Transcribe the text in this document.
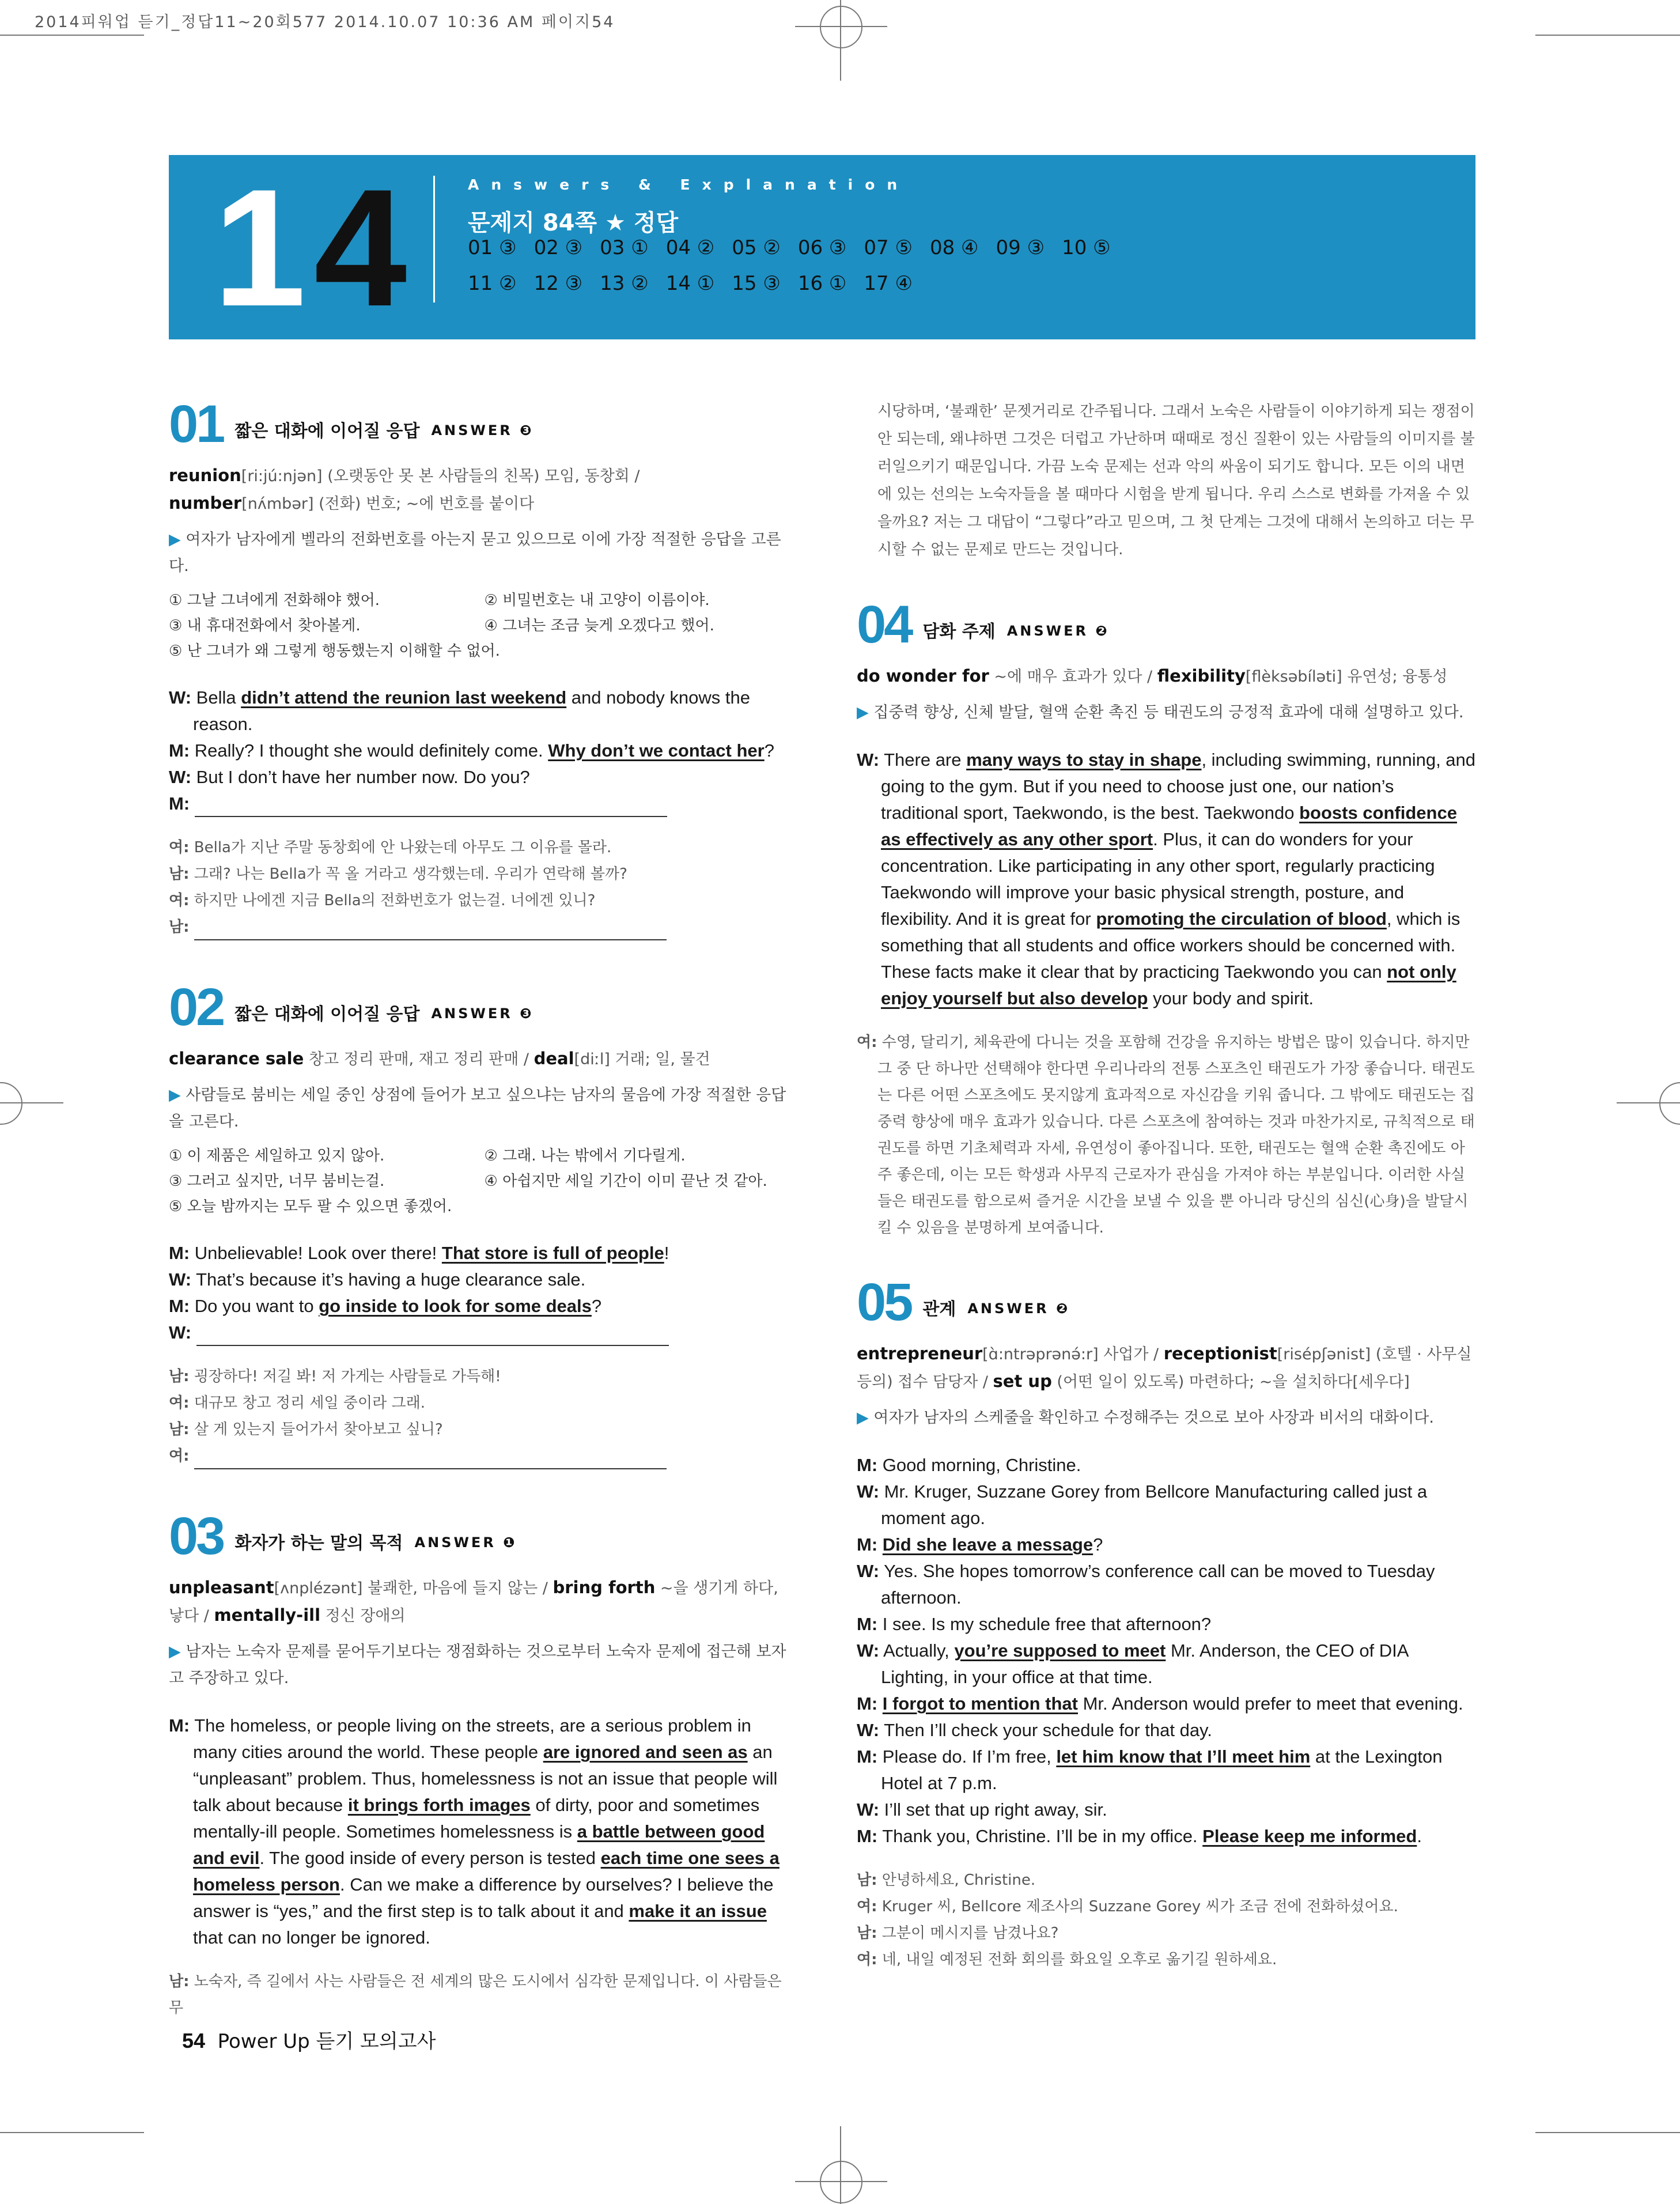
2014피워업 듣기_정답11~20회577 2014.10.07 10:36 AM 페이지54
1 4	Answers & Explanation
문제지 84쪽 ★ 정답
01 ③ 02 ③ 03 ① 04 ② 05 ② 06 ③ 07 ⑤ 08 ④ 09 ③ 10 ⑤
11 ② 12 ③ 13 ② 14 ① 15 ③ 16 ① 17 ④
01 짧은 대화에 이어질 응답 ANSWER ❸
reunion[ri:jú:njən] (오랫동안 못 본 사람들의 친목) 모임, 동창회 / number[nʌ́mbər] (전화) 번호; ~에 번호를 붙이다
▶ 여자가 남자에게 벨라의 전화번호를 아는지 묻고 있으므로 이에 가장 적절한 응답을 고른다.
① 그날 그녀에게 전화해야 했어.	② 비밀번호는 내 고양이 이름이야.
③ 내 휴대전화에서 찾아볼게.	④ 그녀는 조금 늦게 오겠다고 했어.
⑤ 난 그녀가 왜 그렇게 행동했는지 이해할 수 없어.
W: Bella didn’t attend the reunion last weekend and nobody knows the reason.
M: Really? I thought she would definitely come. Why don’t we contact her?
W: But I don’t have her number now. Do you?
M:
여: Bella가 지난 주말 동창회에 안 나왔는데 아무도 그 이유를 몰라.
남: 그래? 나는 Bella가 꼭 올 거라고 생각했는데. 우리가 연락해 볼까?
여: 하지만 나에겐 지금 Bella의 전화번호가 없는걸. 너에겐 있니?
남:
02 짧은 대화에 이어질 응답 ANSWER ❸
clearance sale 창고 정리 판매, 재고 정리 판매 / deal[diːl] 거래; 일, 물건
▶ 사람들로 붐비는 세일 중인 상점에 들어가 보고 싶으냐는 남자의 물음에 가장 적절한 응답을 고른다.
① 이 제품은 세일하고 있지 않아.	② 그래. 나는 밖에서 기다릴게.
③ 그러고 싶지만, 너무 붐비는걸.	④ 아쉽지만 세일 기간이 이미 끝난 것 같아.
⑤ 오늘 밤까지는 모두 팔 수 있으면 좋겠어.
M: Unbelievable! Look over there! That store is full of people!
W: That’s because it’s having a huge clearance sale.
M: Do you want to go inside to look for some deals?
W:
남: 굉장하다! 저길 봐! 저 가게는 사람들로 가득해!
여: 대규모 창고 정리 세일 중이라 그래.
남: 살 게 있는지 들어가서 찾아보고 싶니?
여:
03 화자가 하는 말의 목적 ANSWER ❶
unpleasant[ʌnplézənt] 불쾌한, 마음에 들지 않는 / bring forth ~을 생기게 하다, 낳다 / mentally-ill 정신 장애의
▶ 남자는 노숙자 문제를 묻어두기보다는 쟁점화하는 것으로부터 노숙자 문제에 접근해 보자고 주장하고 있다.
M: The homeless, or people living on the streets, are a serious problem in many cities around the world. These people are ignored and seen as an “unpleasant” problem. Thus, homelessness is not an issue that people will talk about because it brings forth images of dirty, poor and sometimes mentally-ill people. Sometimes homelessness is a battle between good and evil. The good inside of every person is tested each time one sees a homeless person. Can we make a difference by ourselves? I believe the answer is “yes,” and the first step is to talk about it and make it an issue that can no longer be ignored.
남: 노숙자, 즉 길에서 사는 사람들은 전 세계의 많은 도시에서 심각한 문제입니다. 이 사람들은 무
시당하며, ‘불쾌한’ 문젯거리로 간주됩니다. 그래서 노숙은 사람들이 이야기하게 되는 쟁점이 안 되는데, 왜냐하면 그것은 더럽고 가난하며 때때로 정신 질환이 있는 사람들의 이미지를 불러일으키기 때문입니다. 가끔 노숙 문제는 선과 악의 싸움이 되기도 합니다. 모든 이의 내면에 있는 선의는 노숙자들을 볼 때마다 시험을 받게 됩니다. 우리 스스로 변화를 가져올 수 있을까요? 저는 그 대답이 “그렇다”라고 믿으며, 그 첫 단계는 그것에 대해서 논의하고 더는 무시할 수 없는 문제로 만드는 것입니다.
04 담화 주제 ANSWER ❷
do wonder for ~에 매우 효과가 있다 / flexibility[flèksəbíləti] 유연성; 융통성
▶ 집중력 향상, 신체 발달, 혈액 순환 촉진 등 태권도의 긍정적 효과에 대해 설명하고 있다.
W: There are many ways to stay in shape, including swimming, running, and going to the gym. But if you need to choose just one, our nation’s traditional sport, Taekwondo, is the best. Taekwondo boosts confidence as effectively as any other sport. Plus, it can do wonders for your concentration. Like participating in any other sport, regularly practicing Taekwondo will improve your basic physical strength, posture, and flexibility. And it is great for promoting the circulation of blood, which is something that all students and office workers should be concerned with. These facts make it clear that by practicing Taekwondo you can not only enjoy yourself but also develop your body and spirit.
여: 수영, 달리기, 체육관에 다니는 것을 포함해 건강을 유지하는 방법은 많이 있습니다. 하지만 그 중 단 하나만 선택해야 한다면 우리나라의 전통 스포츠인 태권도가 가장 좋습니다. 태권도는 다른 어떤 스포츠에도 못지않게 효과적으로 자신감을 키워 줍니다. 그 밖에도 태권도는 집중력 향상에 매우 효과가 있습니다. 다른 스포츠에 참여하는 것과 마찬가지로, 규칙적으로 태권도를 하면 기초체력과 자세, 유연성이 좋아집니다. 또한, 태권도는 혈액 순환 촉진에도 아주 좋은데, 이는 모든 학생과 사무직 근로자가 관심을 가져야 하는 부분입니다. 이러한 사실들은 태권도를 함으로써 즐거운 시간을 보낼 수 있을 뿐 아니라 당신의 심신(心身)을 발달시킬 수 있음을 분명하게 보여줍니다.
05 관계 ANSWER ❷
entrepreneur[ɑ̀:ntrəprənə́:r] 사업가 / receptionist[risépʃənist] (호텔 · 사무실 등의) 접수 담당자 / set up (어떤 일이 있도록) 마련하다; ~을 설치하다[세우다]
▶ 여자가 남자의 스케줄을 확인하고 수정해주는 것으로 보아 사장과 비서의 대화이다.
M: Good morning, Christine.
W: Mr. Kruger, Suzzane Gorey from Bellcore Manufacturing called just a moment ago.
M: Did she leave a message?
W: Yes. She hopes tomorrow’s conference call can be moved to Tuesday afternoon.
M: I see. Is my schedule free that afternoon?
W: Actually, you’re supposed to meet Mr. Anderson, the CEO of DIA Lighting, in your office at that time.
M: I forgot to mention that Mr. Anderson would prefer to meet that evening.
W: Then I’ll check your schedule for that day.
M: Please do. If I’m free, let him know that I’ll meet him at the Lexington Hotel at 7 p.m.
W: I’ll set that up right away, sir.
M: Thank you, Christine. I’ll be in my office. Please keep me informed.
남: 안녕하세요, Christine.
여: Kruger 씨, Bellcore 제조사의 Suzzane Gorey 씨가 조금 전에 전화하셨어요.
남: 그분이 메시지를 남겼나요?
여: 네, 내일 예정된 전화 회의를 화요일 오후로 옮기길 원하세요.
54 Power Up 듣기 모의고사
